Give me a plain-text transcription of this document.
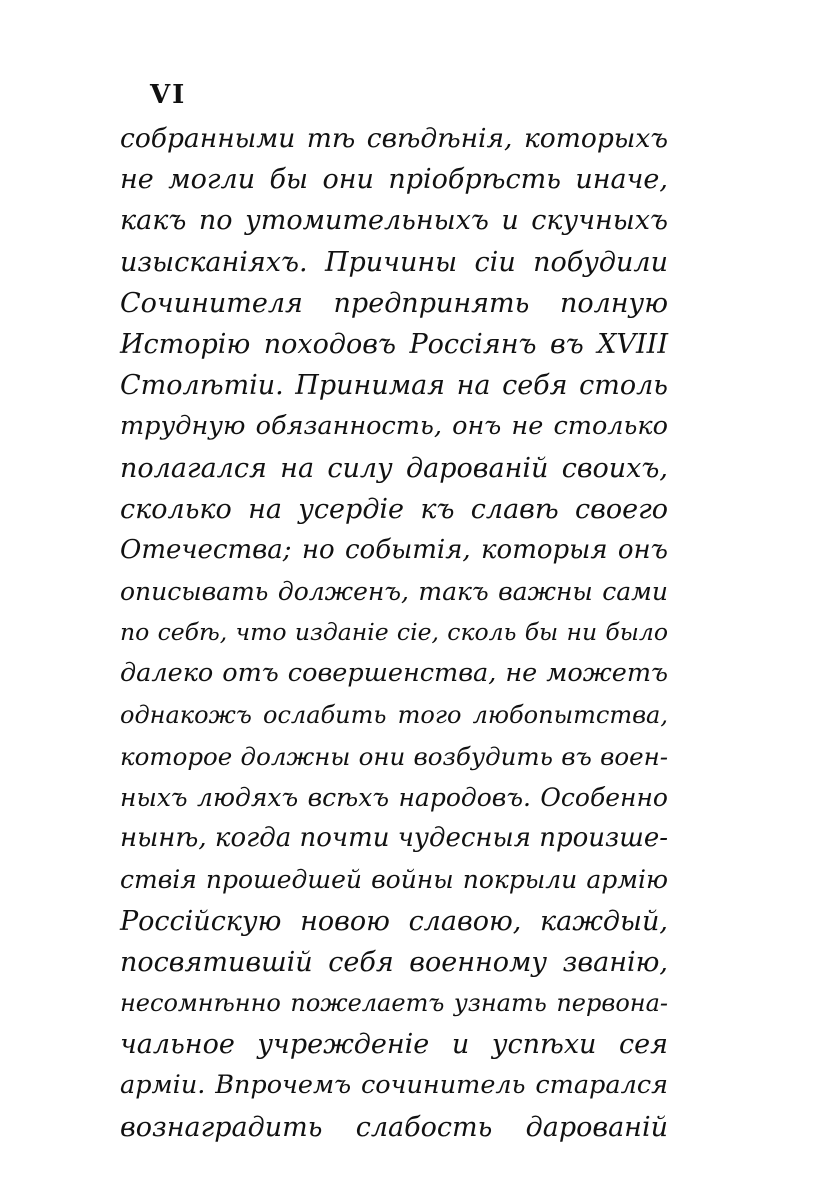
VI
собранными тѣ свѣдѣнія, которыхъ
не могли бы они пріобрѣсть иначе,
какъ по утомительныхъ и скучныхъ
изысканіяхъ. Причины сіи побудили
Сочинителя предпринять полную
Исторію походовъ Россіянъ въ XVIII
Столѣтіи. Принимая на себя столь
трудную обязанность, онъ не столько
полагался на силу дарованій своихъ,
сколько на усердіе къ славѣ своего
Отечества; но событія, которыя онъ
описывать долженъ, такъ важны сами
по себѣ, что изданіе сіе, сколь бы ни было
далеко отъ совершенства, не можетъ
однакожъ ослабить того любопытства,
которое должны они возбудить въ воен-
ныхъ людяхъ всѣхъ народовъ. Особенно
нынѣ, когда почти чудесныя произше-
ствія прошедшей войны покрыли армію
Россійскую новою славою, каждый,
посвятившій себя военному званію,
несомнѣнно пожелаетъ узнать первона-
чальное учрежденіе и успѣхи сея
арміи. Впрочемъ сочинитель старался
вознаградить слабость дарованій
